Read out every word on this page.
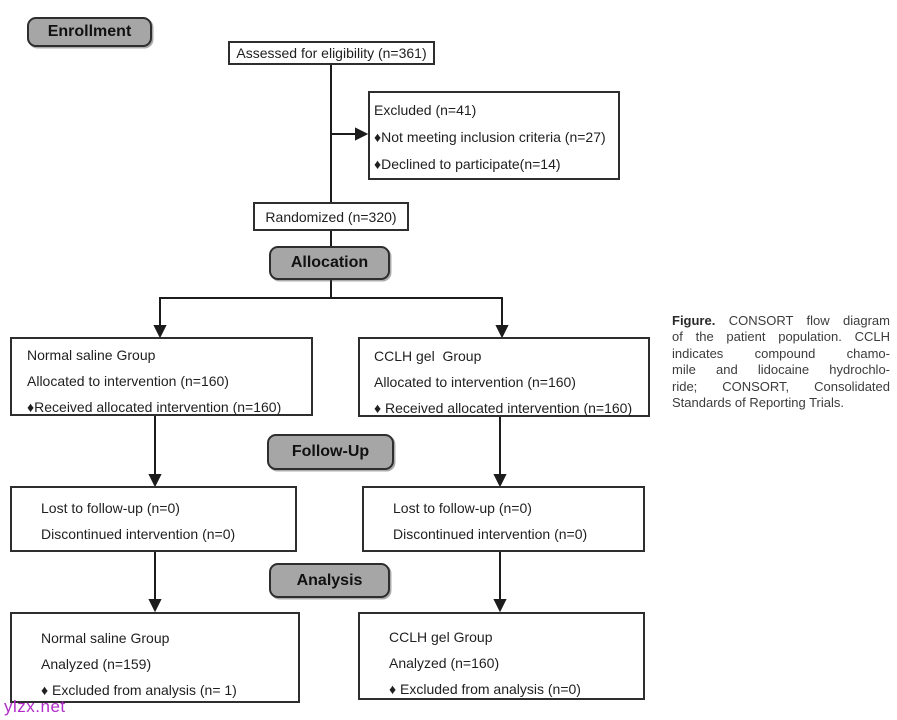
Enrollment
Assessed for eligibility (n=361)
Excluded (n=41)
♦Not meeting inclusion criteria (n=27)
♦Declined to participate(n=14)
Randomized (n=320)
Allocation
Normal saline Group
Allocated to intervention (n=160)
♦Received allocated intervention (n=160)
CCLH gel  Group
Allocated to intervention (n=160)
♦ Received allocated intervention (n=160)
Follow-Up
Lost to follow-up (n=0)
Discontinued intervention (n=0)
Lost to follow-up (n=0)
Discontinued intervention (n=0)
Analysis
Normal saline Group
Analyzed (n=159)
♦ Excluded from analysis (n= 1)
CCLH gel Group
Analyzed (n=160)
♦ Excluded from analysis (n=0)
Figure. CONSORT flow diagram
of the patient population. CCLH
indicates compound chamo-
mile and lidocaine hydrochlo-
ride; CONSORT, Consolidated
Standards of Reporting Trials.
ylzx.net
